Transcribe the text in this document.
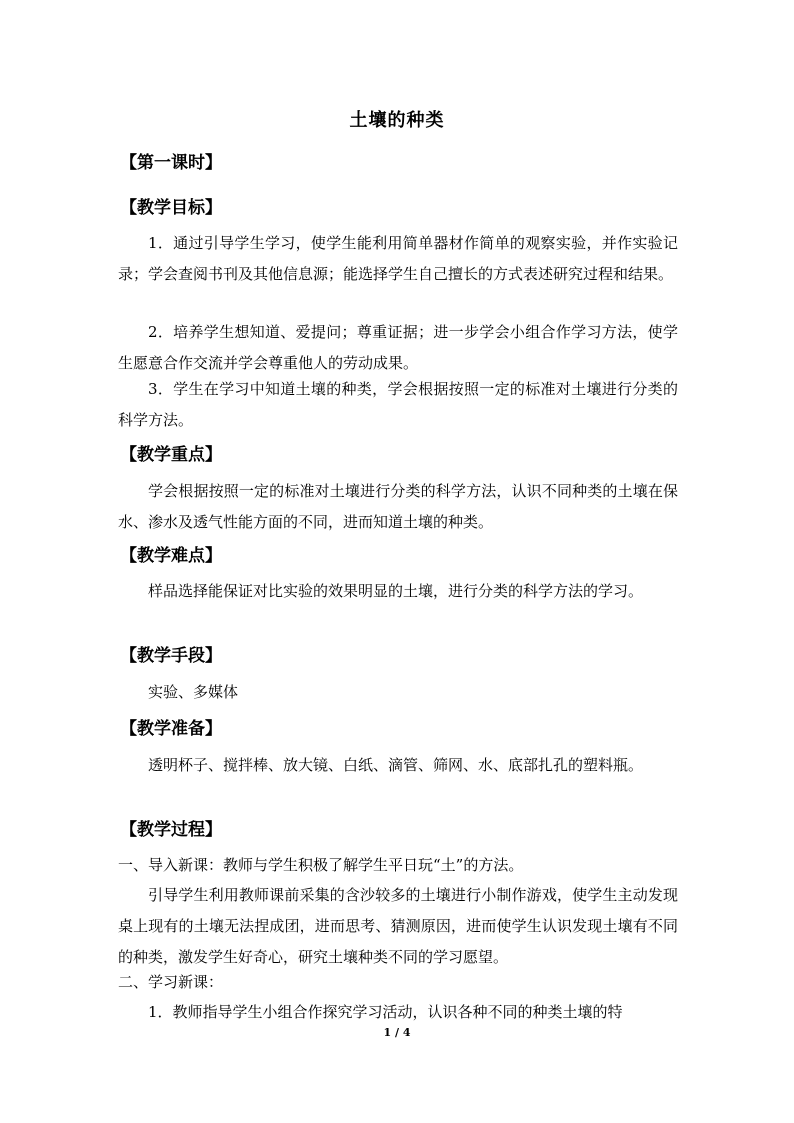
土壤的种类
【第一课时】
【教学目标】
1．通过引导学生学习，使学生能利用简单器材作简单的观察实验，并作实验记录；学会查阅书刊及其他信息源；能选择学生自己擅长的方式表述研究过程和结果。
2．培养学生想知道、爱提问；尊重证据；进一步学会小组合作学习方法，使学生愿意合作交流并学会尊重他人的劳动成果。
3．学生在学习中知道土壤的种类，学会根据按照一定的标准对土壤进行分类的科学方法。
【教学重点】
学会根据按照一定的标准对土壤进行分类的科学方法，认识不同种类的土壤在保水、渗水及透气性能方面的不同，进而知道土壤的种类。
【教学难点】
样品选择能保证对比实验的效果明显的土壤，进行分类的科学方法的学习。
【教学手段】
实验、多媒体
【教学准备】
透明杯子、搅拌棒、放大镜、白纸、滴管、筛网、水、底部扎孔的塑料瓶。
【教学过程】
一、导入新课：教师与学生积极了解学生平日玩“土”的方法。
引导学生利用教师课前采集的含沙较多的土壤进行小制作游戏，使学生主动发现桌上现有的土壤无法捏成团，进而思考、猜测原因，进而使学生认识发现土壤有不同的种类，激发学生好奇心，研究土壤种类不同的学习愿望。
二、学习新课：
1．教师指导学生小组合作探究学习活动，认识各种不同的种类土壤的特
1 / 4
